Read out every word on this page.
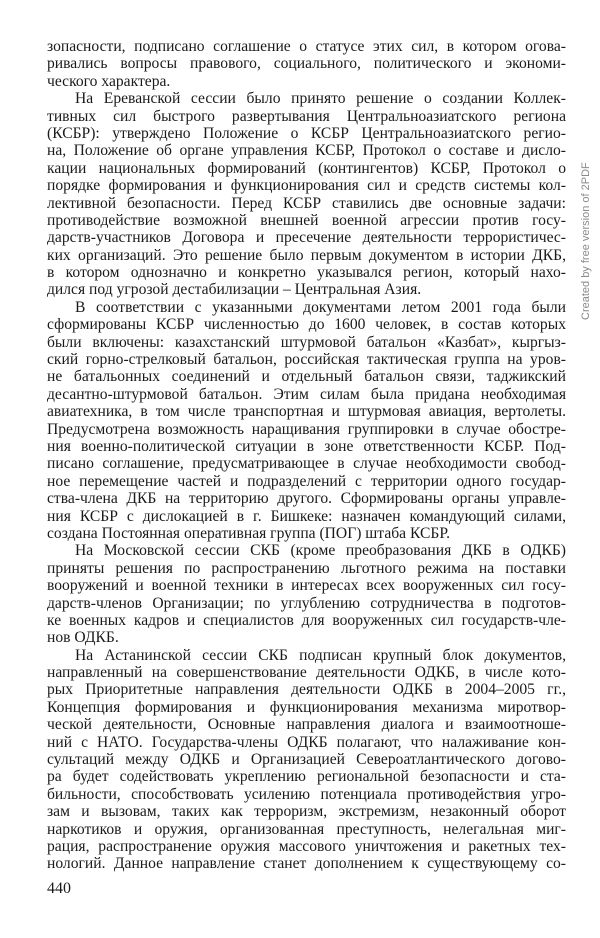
зопасности, подписано соглашение о статусе этих сил, в котором огова-
ривались вопросы правового, социального, политического и экономи-
ческого характера.
На Ереванской сессии было принято решение о создании Коллек-
тивных сил быстрого развертывания Центральноазиатского региона
(КСБР): утверждено Положение о КСБР Центральноазиатского регио-
на, Положение об органе управления КСБР, Протокол о составе и дисло-
кации национальных формирований (контингентов) КСБР, Протокол о
порядке формирования и функционирования сил и средств системы кол-
лективной безопасности. Перед КСБР ставились две основные задачи:
противодействие возможной внешней военной агрессии против госу-
дарств-участников Договора и пресечение деятельности террористичес-
ких организаций. Это решение было первым документом в истории ДКБ,
в котором однозначно и конкретно указывался регион, который нахо-
дился под угрозой дестабилизации – Центральная Азия.
В соответствии с указанными документами летом 2001 года были
сформированы КСБР численностью до 1600 человек, в состав которых
были включены: казахстанский штурмовой батальон «Казбат», кыргыз-
ский горно-стрелковый батальон, российская тактическая группа на уров-
не батальонных соединений и отдельный батальон связи, таджикский
десантно-штурмовой батальон. Этим силам была придана необходимая
авиатехника, в том числе транспортная и штурмовая авиация, вертолеты.
Предусмотрена возможность наращивания группировки в случае обостре-
ния военно-политической ситуации в зоне ответственности КСБР. Под-
писано соглашение, предусматривающее в случае необходимости свобод-
ное перемещение частей и подразделений с территории одного государ-
ства-члена ДКБ на территорию другого. Сформированы органы управле-
ния КСБР с дислокацией в г. Бишкеке: назначен командующий силами,
создана Постоянная оперативная группа (ПОГ) штаба КСБР.
На Московской сессии СКБ (кроме преобразования ДКБ в ОДКБ)
приняты решения по распространению льготного режима на поставки
вооружений и военной техники в интересах всех вооруженных сил госу-
дарств-членов Организации; по углублению сотрудничества в подготов-
ке военных кадров и специалистов для вооруженных сил государств-чле-
нов ОДКБ.
На Астанинской сессии СКБ подписан крупный блок документов,
направленный на совершенствование деятельности ОДКБ, в числе кото-
рых Приоритетные направления деятельности ОДКБ в 2004–2005 гг.,
Концепция формирования и функционирования механизма миротвор-
ческой деятельности, Основные направления диалога и взаимоотноше-
ний с НАТО. Государства-члены ОДКБ полагают, что налаживание кон-
сультаций между ОДКБ и Организацией Североатлантического догово-
ра будет содействовать укреплению региональной безопасности и ста-
бильности, способствовать усилению потенциала противодействия угро-
зам и вызовам, таких как терроризм, экстремизм, незаконный оборот
наркотиков и оружия, организованная преступность, нелегальная миг-
рация, распространение оружия массового уничтожения и ракетных тех-
нологий. Данное направление станет дополнением к существующему со-
440
Created by free version of 2PDF
